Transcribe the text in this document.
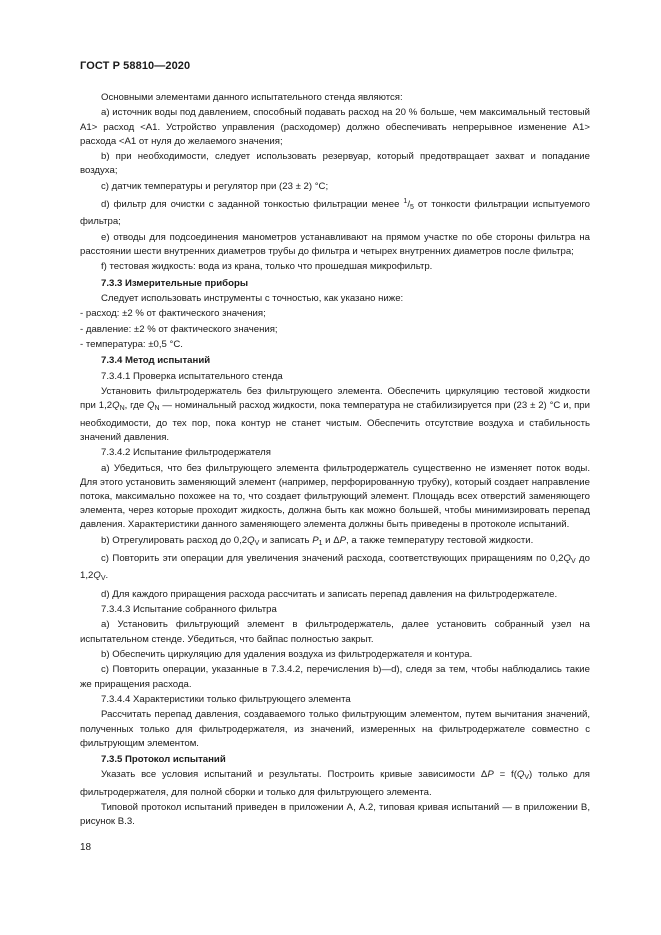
ГОСТ Р 58810—2020

Основными элементами данного испытательного стенда являются:

а) источник воды под давлением, способный подавать расход на 20 % больше, чем максимальный тестовый А1> расход <А1. Устройство управления (расходомер) должно обеспечивать непрерывное изменение А1> расхода <А1 от нуля до желаемого значения;

b) при необходимости, следует использовать резервуар, который предотвращает захват и попадание воздуха;

с) датчик температуры и регулятор при (23 ± 2) °С;

d) фильтр для очистки с заданной тонкостью фильтрации менее $^1/_5$ от тонкости фильтрации испытуемого фильтра;

е) отводы для подсоединения манометров устанавливают на прямом участке по обе стороны фильтра на расстоянии шести внутренних диаметров трубы до фильтра и четырех внутренних диаметров после фильтра;

f) тестовая жидкость: вода из крана, только что прошедшая микрофильтр.

7.3.3 Измерительные приборы

Следует использовать инструменты с точностью, как указано ниже:

- расход: ±2 % от фактического значения;

- давление: ±2 % от фактического значения;

- температура: ±0,5 °С.

7.3.4 Метод испытаний

7.3.4.1 Проверка испытательного стенда

Установить фильтродержатель без фильтрующего элемента. Обеспечить циркуляцию тестовой жидкости при $1,2Q_N$, где $Q_N$ — номинальный расход жидкости, пока температура не стабилизируется при (23 ± 2) °С и, при необходимости, до тех пор, пока контур не станет чистым. Обеспечить отсутствие воздуха и стабильность значений давления.

7.3.4.2 Испытание фильтродержателя

а) Убедиться, что без фильтрующего элемента фильтродержатель существенно не изменяет поток воды. Для этого установить заменяющий элемент (например, перфорированную трубку), который создает направление потока, максимально похожее на то, что создает фильтрующий элемент. Площадь всех отверстий заменяющего элемента, через которые проходит жидкость, должна быть как можно большей, чтобы минимизировать перепад давления. Характеристики данного заменяющего элемента должны быть приведены в протоколе испытаний.

b) Отрегулировать расход до $0,2Q_V$ и записать $P_1$ и ΔP, а также температуру тестовой жидкости.

с) Повторить эти операции для увеличения значений расхода, соответствующих приращениям по $0,2Q_V$ до $1,2Q_V$.

d) Для каждого приращения расхода рассчитать и записать перепад давления на фильтродержателе.

7.3.4.3 Испытание собранного фильтра

а) Установить фильтрующий элемент в фильтродержатель, далее установить собранный узел на испытательном стенде. Убедиться, что байпас полностью закрыт.

b) Обеспечить циркуляцию для удаления воздуха из фильтродержателя и контура.

с) Повторить операции, указанные в 7.3.4.2, перечисления b)—d), следя за тем, чтобы наблюдались такие же приращения расхода.

7.3.4.4 Характеристики только фильтрующего элемента

Рассчитать перепад давления, создаваемого только фильтрующим элементом, путем вычитания значений, полученных только для фильтродержателя, из значений, измеренных на фильтродержателе совместно с фильтрующим элементом.

7.3.5 Протокол испытаний

Указать все условия испытаний и результаты. Построить кривые зависимости $\Delta P = f(Q_V)$ только для фильтродержателя, для полной сборки и только для фильтрующего элемента.

Типовой протокол испытаний приведен в приложении А, А.2, типовая кривая испытаний — в приложении В, рисунок В.3.

18
